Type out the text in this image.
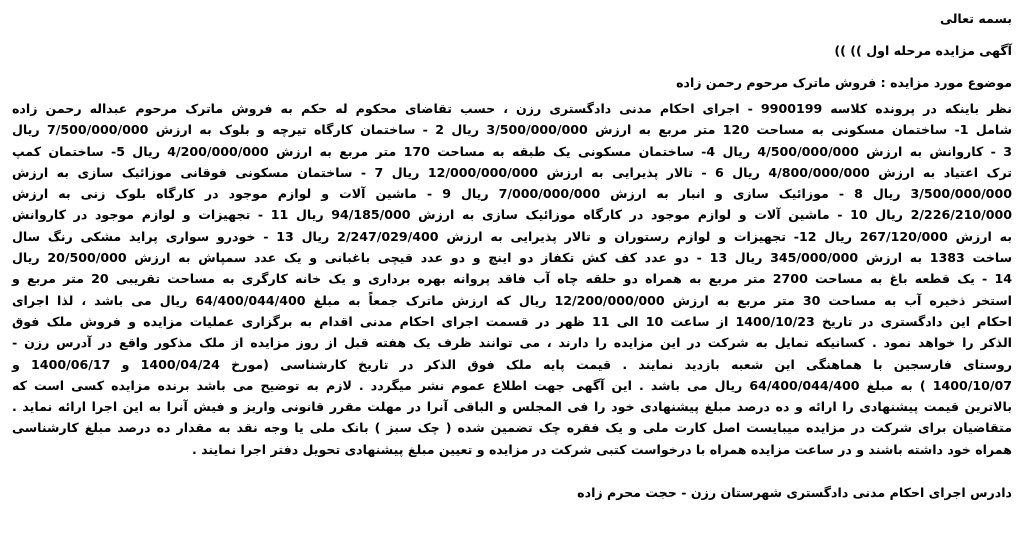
بسمه تعالی
آگهی مزایده مرحله اول )) ))
موضوع مورد مزایده : فروش ماترک مرحوم رحمن زاده
نظر باینکه در پرونده کلاسه 9900199 - اجرای احکام مدنی دادگستری رزن ، حسب تقاضای محکوم له حکم به فروش ماترک مرحوم عبداله رحمن زاده
شامل 1- ساختمان مسکونی به مساحت 120 متر مربع به ارزش 3/500/000/000 ریال 2 - ساختمان کارگاه تیرچه و بلوک به ارزش 7/500/000/000 ریال
3 - کاروانش به ارزش 4/500/000/000 ریال 4- ساختمان مسکونی یک طبقه به مساحت 170 متر مربع به ارزش 4/200/000/000 ریال 5- ساختمان کمپ
ترک اعتیاد به ارزش 4/800/000/000 ریال 6 - تالار پذیرایی به ارزش 12/000/000/000 ریال 7 - ساختمان مسکونی فوقانی موزائیک سازی به ارزش
3/500/000/000 ریال 8 - موزائیک سازی و انبار به ارزش 7/000/000/000 ریال 9 - ماشین آلات و لوازم موجود در کارگاه بلوک زنی به ارزش
2/226/210/000 ریال 10 - ماشین آلات و لوازم موجود در کارگاه موزائیک سازی به ارزش 94/185/000 ریال 11 - تجهیزات و لوازم موجود در کاروانش
به ارزش 267/120/000 ریال 12- تجهیزات و لوازم رستوران و تالار پذیرایی به ارزش 2/247/029/400 ریال 13 - خودرو سواری پراید مشکی رنگ سال
ساخت 1383 به ارزش 345/000/000 ریال 13 - دو عدد کف کش تکفاز دو اینچ و دو عدد قیچی باغبانی و یک عدد سمپاش به ارزش 20/500/000 ریال
14 - یک قطعه باغ به مساحت 2700 متر مربع به همراه دو حلقه چاه آب فاقد پروانه بهره برداری و یک خانه کارگری به مساحت تقریبی 20 متر مربع و
استخر ذخیره آب به مساحت 30 متر مربع به ارزش 12/200/000/000 ریال که ارزش ماترک جمعاً به مبلغ 64/400/044/400 ریال می باشد ، لذا اجرای
احکام این دادگستری در تاریخ 1400/10/23 از ساعت 10 الی 11 ظهر در قسمت اجرای احکام مدنی اقدام به برگزاری عملیات مزایده و فروش ملک فوق
الذکر را خواهد نمود . کسانیکه تمایل به شرکت در این مزایده را دارند ، می توانند ظرف یک هفته قبل از روز مزایده از ملک مذکور واقع در آدرس رزن -
روستای فارسجین با هماهنگی این شعبه بازدید نمایند . قیمت پایه ملک فوق الذکر در تاریخ کارشناسی (مورخ 1400/04/24 و 1400/06/17 و
1400/10/07 ) به مبلغ 64/400/044/400 ریال می باشد . این آگهی جهت اطلاع عموم نشر میگردد . لازم به توضیح می باشد برنده مزایده کسی است که
بالاترین قیمت پیشنهادی را ارائه و ده درصد مبلغ پیشنهادی خود را فی المجلس و الباقی آنرا در مهلت مقرر قانونی واریز و فیش آنرا به این اجرا ارائه نماید .
متقاضیان برای شرکت در مزایده میبایست اصل کارت ملی و یک فقره چک تضمین شده ( چک سبز ) بانک ملی یا وجه نقد به مقدار ده درصد مبلغ کارشناسی
همراه خود داشته باشند و در ساعت مزایده همراه با درخواست کتبی شرکت در مزایده و تعیین مبلغ پیشنهادی تحویل دفتر اجرا نمایند .
دادرس اجرای احکام مدنی دادگستری شهرستان رزن - حجت محرم زاده
